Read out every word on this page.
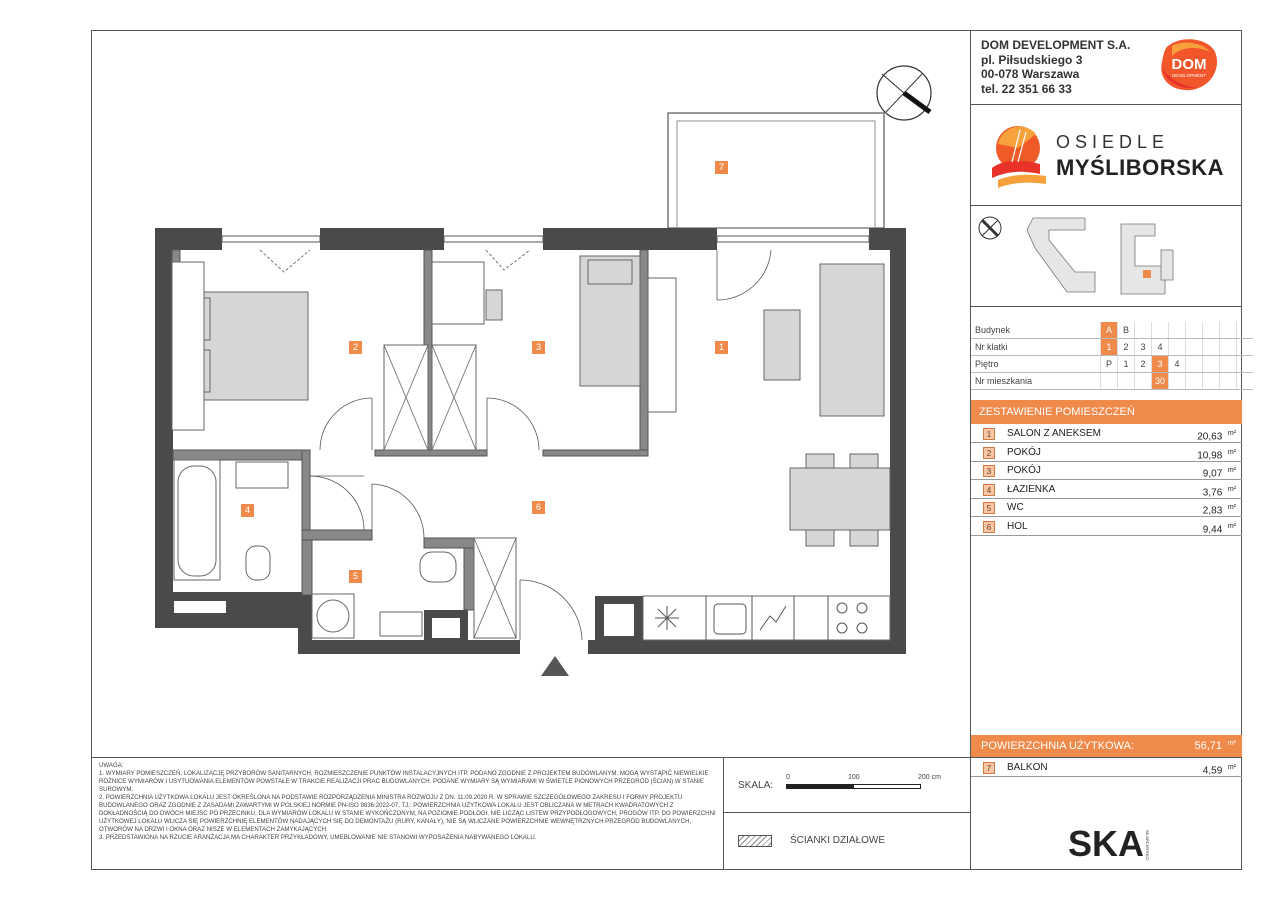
DOM DEVELOPMENT S.A.
pl. Piłsudskiego 3
00-078 Warszawa
tel. 22 351 66 33
DOM
DEVELOPMENT
OSIEDLE
MYŚLIBORSKA
Budynek	A	B							
Nr klatki	1	2	3	4					
Piętro	P	1	2	3	4				
Nr mieszkania				30					
ZESTAWIENIE POMIESZCZEŃ
1	SALON Z ANEKSEM	20,63 $^{m^2}$
2	POKÓJ	10,98 $^{m^2}$
3	POKÓJ	9,07 $^{m^2}$
4	ŁAZIENKA	3,76 $^{m^2}$
5	WC	2,83 $^{m^2}$
6	HOL	9,44 $^{m^2}$
POWIERZCHNIA UŻYTKOWA:	56,71 m²
7	BALKON	4,59 $^{m^2}$

UWAGA:

1. WYMIARY POMIESZCZEŃ, LOKALIZACJĘ PRZYBORÓW SANITARNYCH, ROZMIESZCZENIE PUNKTÓW INSTALACYJNYCH ITP. PODANO ZGODNIE Z PROJEKTEM BUDOWLANYM. MOGĄ WYSTĄPIĆ NIEWIELKIE RÓŻNICE WYMIARÓW I USYTUOWANIA ELEMENTÓW POWSTAŁE W TRAKCIE REALIZACJI PRAC BUDOWLANYCH. PODANE WYMIARY SĄ WYMIARAMI W ŚWIETLE PIONOWYCH PRZEGRÓD (ŚCIAN) W STANIE SUROWYM.

2. POWIERZCHNIA UŻYTKOWA LOKALU JEST OKREŚLONA NA PODSTAWIE ROZPORZĄDZENIA MINISTRA ROZWOJU Z DN. 11.09.2020 R. W SPRAWIE SZCZEGÓŁOWEGO ZAKRESU I FORMY PROJEKTU BUDOWLANEGO ORAZ ZGODNIE Z ZASADAMI ZAWARTYMI W POLSKIEJ NORMIE PN-ISO 9836:2022-07, TJ.: POWIERZCHNIA UŻYTKOWA LOKALU JEST OBLICZANA W METRACH KWADRATOWYCH Z DOKŁADNOŚCIĄ DO DWÓCH MIEJSC PO PRZECINKU, DLA WYMIARÓW LOKALU W STANIE WYKOŃCZONYM, NA POZIOMIE PODŁOGI, NIE LICZĄC LISTEW PRZYPODŁOGOWYCH, PROGÓW ITP. DO POWIERZCHNI UŻYTKOWEJ LOKALU WLICZA SIĘ POWIERZCHNIĘ ELEMENTÓW NADAJĄCYCH SIĘ DO DEMONTAŻU (RURY, KANAŁY), NIE SĄ WLICZANE POWIERZCHNIE WEWNĘTRZNYCH PRZEGRÓD BUDOWLANYCH, OTWORÓW NA DRZWI I OKNA ORAZ NISZE W ELEMENTACH ZAMYKAJĄCYCH.

3. PRZEDSTAWIONA NA RZUCIE ARANŻACJA MA CHARAKTER PRZYKŁADOWY, UMEBLOWANIE NIE STANOWI WYPOSAŻENIA NABYWANEGO LOKALU.

SKALA:
0	100	200 cm
ŚCIANKI DZIAŁOWE	SKA SK ARCHITEKCI
7
1
2	3
4
5
6
